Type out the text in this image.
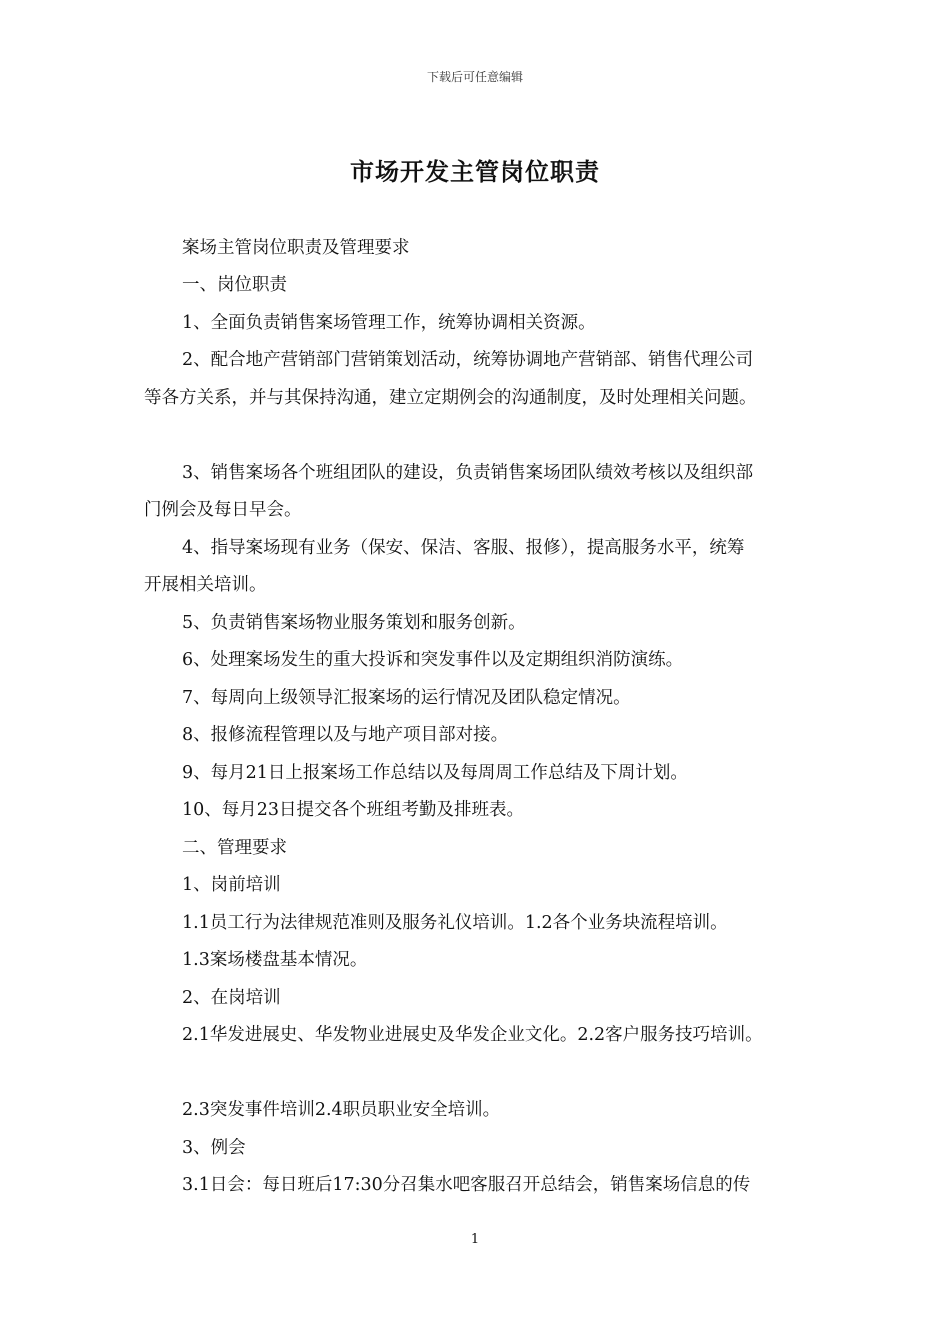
下载后可任意编辑
市场开发主管岗位职责
案场主管岗位职责及管理要求
一、岗位职责
1、全面负责销售案场管理工作，统筹协调相关资源。
2、配合地产营销部门营销策划活动，统筹协调地产营销部、销售代理公司
等各方关系，并与其保持沟通，建立定期例会的沟通制度，及时处理相关问题。
3、销售案场各个班组团队的建设，负责销售案场团队绩效考核以及组织部
门例会及每日早会。
4、指导案场现有业务（保安、保洁、客服、报修），提高服务水平，统筹
开展相关培训。
5、负责销售案场物业服务策划和服务创新。
6、处理案场发生的重大投诉和突发事件以及定期组织消防演练。
7、每周向上级领导汇报案场的运行情况及团队稳定情况。
8、报修流程管理以及与地产项目部对接。
9、每月21日上报案场工作总结以及每周周工作总结及下周计划。
10、每月23日提交各个班组考勤及排班表。
二、管理要求
1、岗前培训
1.1员工行为法律规范准则及服务礼仪培训。1.2各个业务块流程培训。
1.3案场楼盘基本情况。
2、在岗培训
2.1华发进展史、华发物业进展史及华发企业文化。2.2客户服务技巧培训。
2.3突发事件培训2.4职员职业安全培训。
3、例会
3.1日会：每日班后17:30分召集水吧客服召开总结会，销售案场信息的传
1
